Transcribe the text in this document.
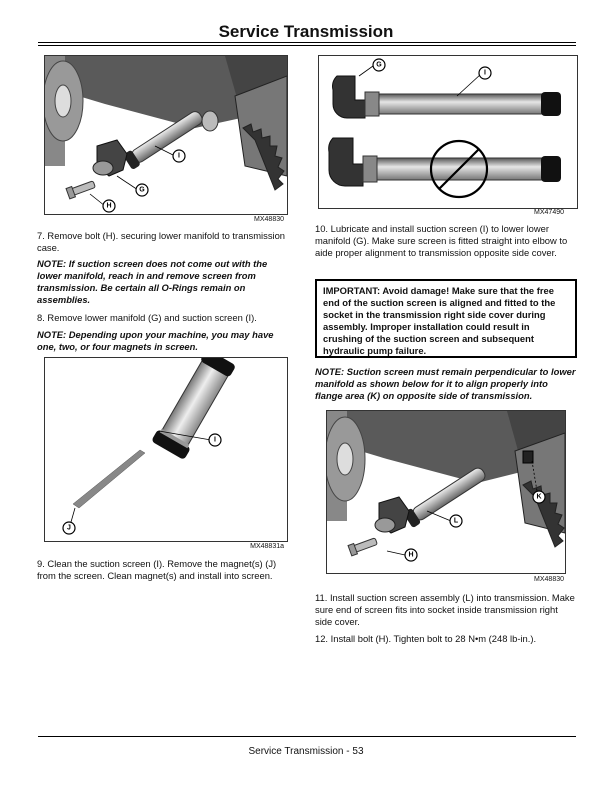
Service Transmission
I
G
H
MX48830

7. Remove bolt (H). securing lower manifold to transmission case.

NOTE: If suction screen does not come out with the lower manifold, reach in and remove screen from transmission. Be certain all O-Rings remain on assemblies.

8. Remove lower manifold (G) and suction screen (I).

NOTE: Depending upon your machine, you may have one, two, or four magnets in screen.

I
J
MX48831a

9. Clean the suction screen (I). Remove the magnet(s) (J) from the screen. Clean magnet(s) and install into screen.

G
I
MX47490

10. Lubricate and install suction screen (I) to lower lower manifold (G). Make sure screen is fitted straight into elbow to aide proper alignment to transmission opposite side cover.

IMPORTANT: Avoid damage! Make sure that the free end of the suction screen is aligned and fitted to the socket in the transmission right side cover during assembly. Improper installation could result in crushing of the suction screen and subsequent hydraulic pump failure.

NOTE: Suction screen must remain perpendicular to lower manifold as shown below for it to align properly into flange area (K) on opposite side of transmission.

K
L
H
MX48830

11. Install suction screen assembly (L) into transmission. Make sure end of screen fits into socket inside transmission right side cover.

12. Install bolt (H). Tighten bolt to 28 N•m (248 lb-in.).

Service Transmission - 53
